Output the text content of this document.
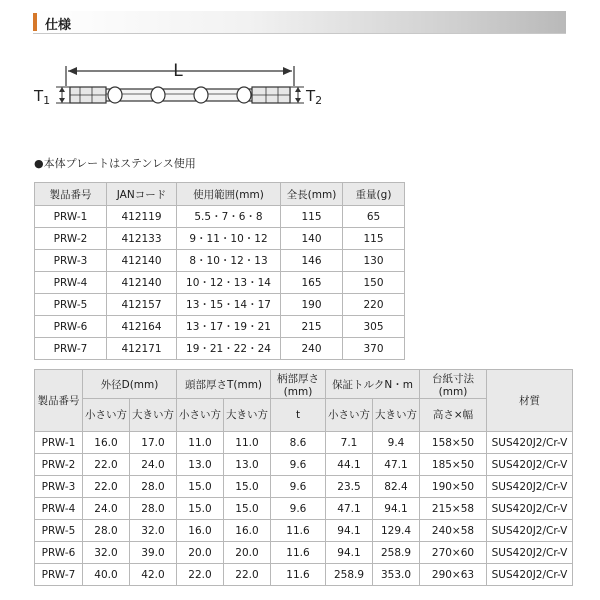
仕様
L
$T_1$	$T_2$
●本体プレートはステンレス使用
製品番号	JANコード	使用範囲(mm)	全長(mm)	重量(g)
PRW-1	412119	5.5・7・6・8	115	65
PRW-2	412133	9・11・10・12	140	115
PRW-3	412140	8・10・12・13	146	130
PRW-4	412140	10・12・13・14	165	150
PRW-5	412157	13・15・14・17	190	220
PRW-6	412164	13・17・19・21	215	305
PRW-7	412171	19・21・22・24	240	370
製品番号	外径D(mm)		頭部厚さT(mm)		柄部厚さ(mm)	保証トルクN・m		台紙寸法(mm)	材質
	小さい方	大きい方	小さい方	大きい方	t	小さい方	大きい方	高さ×幅	
PRW-1	16.0	17.0	11.0	11.0	8.6	7.1	9.4	158×50	SUS420J2/Cr-V
PRW-2	22.0	24.0	13.0	13.0	9.6	44.1	47.1	185×50	SUS420J2/Cr-V
PRW-3	22.0	28.0	15.0	15.0	9.6	23.5	82.4	190×50	SUS420J2/Cr-V
PRW-4	24.0	28.0	15.0	15.0	9.6	47.1	94.1	215×58	SUS420J2/Cr-V
PRW-5	28.0	32.0	16.0	16.0	11.6	94.1	129.4	240×58	SUS420J2/Cr-V
PRW-6	32.0	39.0	20.0	20.0	11.6	94.1	258.9	270×60	SUS420J2/Cr-V
PRW-7	40.0	42.0	22.0	22.0	11.6	258.9	353.0	290×63	SUS420J2/Cr-V
